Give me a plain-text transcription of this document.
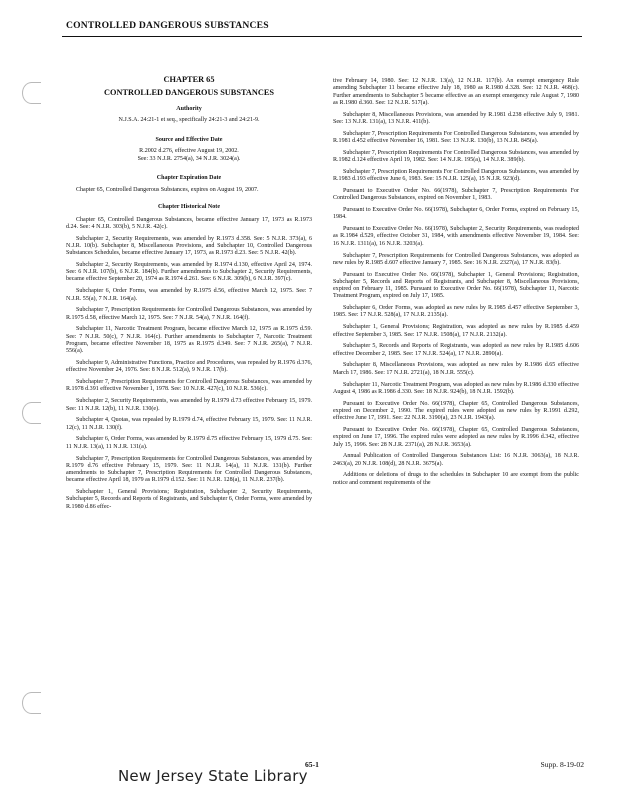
CONTROLLED DANGEROUS SUBSTANCES
CHAPTER 65
CONTROLLED DANGEROUS SUBSTANCES
Authority
N.J.S.A. 24:21-1 et seq., specifically 24:21-3 and 24:21-9.
Source and Effective Date
R.2002 d.276, effective August 19, 2002.
See: 33 N.J.R. 2754(a), 34 N.J.R. 3024(a).
Chapter Expiration Date

Chapter 65, Controlled Dangerous Substances, expires on August 19, 2007.

Chapter Historical Note

Chapter 65, Controlled Dangerous Substances, became effective January 17, 1973 as R.1973 d.24. See: 4 N.J.R. 303(b), 5 N.J.R. 42(c).

Subchapter 2, Security Requirements, was amended by R.1973 d.358. See: 5 N.J.R. 373(a), 6 N.J.R. 10(b). Subchapter 8, Miscellaneous Provisions, and Subchapter 10, Controlled Dangerous Substances Schedules, became effective January 17, 1973, as R.1973 d.23. See: 5 N.J.R. 42(b).

Subchapter 2, Security Requirements, was amended by R.1974 d.130, effective April 24, 1974. See: 6 N.J.R. 107(b), 6 N.J.R. 184(b). Further amendments to Subchapter 2, Security Requirements, became effective September 20, 1974 as R.1974 d.261. See: 6 N.J.R. 309(b), 6 N.J.R. 397(c).

Subchapter 6, Order Forms, was amended by R.1975 d.56, effective March 12, 1975. See: 7 N.J.R. 55(a), 7 N.J.R. 164(a).

Subchapter 7, Prescription Requirements for Controlled Dangerous Substances, was amended by R.1975 d.58, effective March 12, 1975. See: 7 N.J.R. 54(a), 7 N.J.R. 164(f).

Subchapter 11, Narcotic Treatment Program, became effective March 12, 1975 as R.1975 d.59. See: 7 N.J.R. 50(c), 7 N.J.R. 164(c). Further amendments to Subchapter 7, Narcotic Treatment Program, became effective November 18, 1975 as R.1975 d.349. See: 7 N.J.R. 265(a), 7 N.J.R. 556(a).

Subchapter 9, Administrative Functions, Practice and Procedures, was repealed by R.1976 d.376, effective November 24, 1976. See: 8 N.J.R. 512(a), 9 N.J.R. 17(b).

Subchapter 7, Prescription Requirements for Controlled Dangerous Substances, was amended by R.1978 d.391 effective November 1, 1978. See: 10 N.J.R. 427(c), 10 N.J.R. 536(c).

Subchapter 2, Security Requirements, was amended by R.1979 d.73 effective February 15, 1979. See: 11 N.J.R. 12(b), 11 N.J.R. 130(e).

Subchapter 4, Quotas, was repealed by R.1979 d.74, effective February 15, 1979. See: 11 N.J.R. 12(c), 11 N.J.R. 130(f).

Subchapter 6, Order Forms, was amended by R.1979 d.75 effective February 15, 1979 d.75. See: 11 N.J.R. 13(a), 11 N.J.R. 131(a).

Subchapter 7, Prescription Requirements for Controlled Dangerous Substances, was amended by R.1979 d.76 effective February 15, 1979. See: 11 N.J.R. 14(a), 11 N.J.R. 131(b). Further amendments to Subchapter 7, Prescription Requirements for Controlled Dangerous Substances, became effective April 18, 1979 as R.1979 d.152. See: 11 N.J.R. 128(a), 11 N.J.R. 237(b).

Subchapter 1, General Provisions; Registration, Subchapter 2, Security Requirements, Subchapter 5, Records and Reports of Registrants, and Subchapter 6, Order Forms, were amended by R.1980 d.86 effec-

tive February 14, 1980. See: 12 N.J.R. 13(a), 12 N.J.R. 117(b). An exempt emergency Rule amending Subchapter 11 became effective July 18, 1980 as R.1980 d.328. See: 12 N.J.R. 468(c). Further amendments to Subchapter 5 became effective as an exempt emergency rule August 7, 1980 as R.1980 d.360. See: 12 N.J.R. 517(a).

Subchapter 8, Miscellaneous Provisions, was amended by R.1981 d.238 effective July 9, 1981. See: 13 N.J.R. 131(a), 13 N.J.R. 411(b).

Subchapter 7, Prescription Requirements For Controlled Dangerous Substances, was amended by R.1981 d.452 effective November 16, 1981. See: 13 N.J.R. 130(b), 13 N.J.R. 845(a).

Subchapter 7, Prescription Requirements For Controlled Dangerous Substances, was amended by R.1982 d.124 effective April 19, 1982. See: 14 N.J.R. 195(a), 14 N.J.R. 389(b).

Subchapter 7, Prescription Requirements For Controlled Dangerous Substances, was amended by R.1983 d.193 effective June 6, 1983. See: 15 N.J.R. 125(a), 15 N.J.R. 923(d).

Pursuant to Executive Order No. 66(1978), Subchapter 7, Prescription Requirements For Controlled Dangerous Substances, expired on November 1, 1983.

Pursuant to Executive Order No. 66(1978), Subchapter 6, Order Forms, expired on February 15, 1984.

Pursuant to Executive Order No. 66(1978), Subchapter 2, Security Requirements, was readopted as R.1984 d.529, effective October 31, 1984, with amendments effective November 19, 1984. See: 16 N.J.R. 1311(a), 16 N.J.R. 3203(a).

Subchapter 7, Prescription Requirements for Controlled Dangerous Substances, was adopted as new rules by R.1985 d.607 effective January 7, 1985. See: 16 N.J.R. 2327(a), 17 N.J.R. 83(b).

Pursuant to Executive Order No. 66(1978), Subchapter 1, General Provisions; Registration, Subchapter 5, Records and Reports of Registrants, and Subchapter 8, Miscellaneous Provisions, expired on February 11, 1985. Pursuant to Executive Order No. 66(1978), Subchapter 11, Narcotic Treatment Program, expired on July 17, 1985.

Subchapter 6, Order Forms, was adopted as new rules by R.1985 d.457 effective September 3, 1985. See: 17 N.J.R. 528(a), 17 N.J.R. 2135(a).

Subchapter 1, General Provisions; Registration, was adopted as new rules by R.1985 d.459 effective September 3, 1985. See: 17 N.J.R. 1508(a), 17 N.J.R. 2132(a).

Subchapter 5, Records and Reports of Registrants, was adopted as new rules by R.1985 d.606 effective December 2, 1985. See: 17 N.J.R. 524(a), 17 N.J.R. 2890(a).

Subchapter 8, Miscellaneous Provisions, was adopted as new rules by R.1986 d.65 effective March 17, 1986. See: 17 N.J.R. 2721(a), 18 N.J.R. 555(c).

Subchapter 11, Narcotic Treatment Program, was adopted as new rules by R.1986 d.330 effective August 4, 1986 as R.1986 d.330. See: 18 N.J.R. 924(b), 18 N.J.R. 1592(b).

Pursuant to Executive Order No. 66(1978), Chapter 65, Controlled Dangerous Substances, expired on December 2, 1990. The expired rules were adopted as new rules by R.1991 d.292, effective June 17, 1991. See: 22 N.J.R. 3190(a), 23 N.J.R. 1943(a).

Pursuant to Executive Order No. 66(1978), Chapter 65, Controlled Dangerous Substances, expired on June 17, 1996. The expired rules were adopted as new rules by R.1996 d.342, effective July 15, 1996. See: 28 N.J.R. 2371(a), 28 N.J.R. 3653(a).

Annual Publication of Controlled Dangerous Substances List: 16 N.J.R. 3063(a), 18 N.J.R. 2463(a), 20 N.J.R. 108(d), 28 N.J.R. 3675(a).

Additions or deletions of drugs to the schedules in Subchapter 10 are exempt from the public notice and comment requirements of the

65-1	Supp. 8-19-02
New Jersey State Library
